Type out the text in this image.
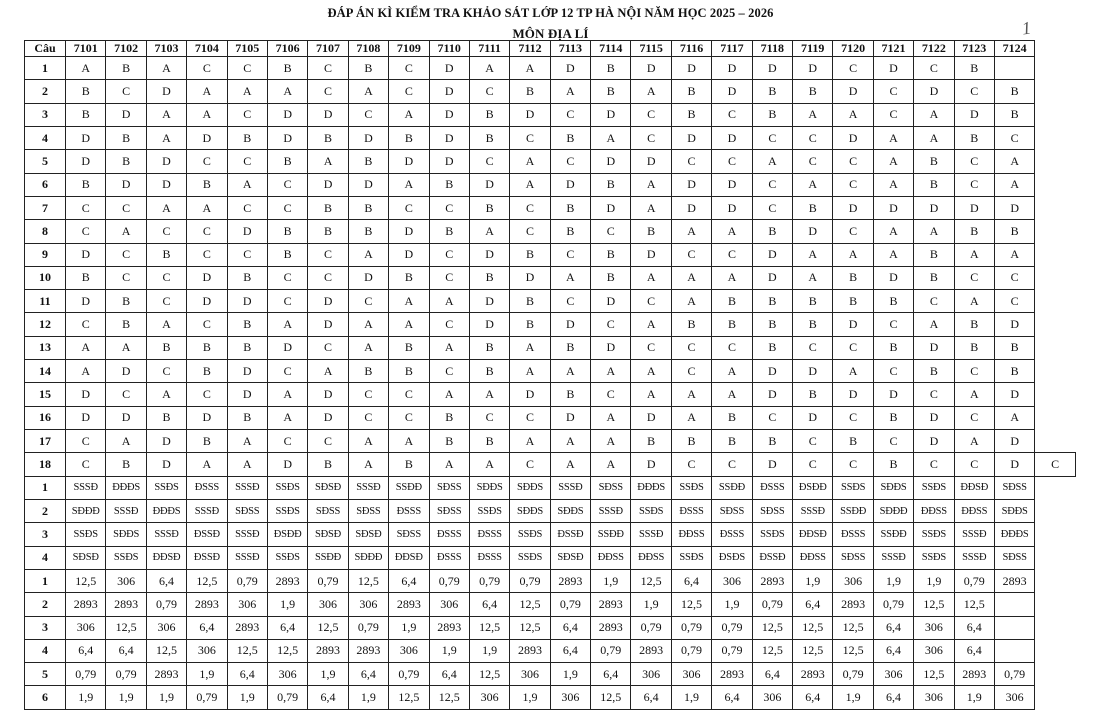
ĐÁP ÁN KÌ KIỂM TRA KHẢO SÁT LỚP 12 TP HÀ NỘI NĂM HỌC 2025 – 2026
MÔN ĐỊA LÍ	1
Câu	7101	7102	7103	7104	7105	7106	7107	7108	7109	7110	7111	7112	7113	7114	7115	7116	7117	7118	7119	7120	7121	7122	7123	7124	
1	A	B	A	C	C	B	C	B	C	D	A	A	D	B	D	D	D	D	D	C	D	C	B		
2	B	C	D	A	A	A	C	A	C	D	C	B	A	B	A	B	D	B	B	D	C	D	C	B	
3	B	D	A	A	C	D	D	C	A	D	B	D	C	D	C	B	C	B	A	A	C	A	D	B	
4	D	B	A	D	B	D	B	D	B	D	B	C	B	A	C	D	D	C	C	D	A	A	B	C	
5	D	B	D	C	C	B	A	B	D	D	C	A	C	D	D	C	C	A	C	C	A	B	C	A	
6	B	D	D	B	A	C	D	D	A	B	D	A	D	B	A	D	D	C	A	C	A	B	C	A	
7	C	C	A	A	C	C	B	B	C	C	B	C	B	D	A	D	D	C	B	D	D	D	D	D	
8	C	A	C	C	D	B	B	B	D	B	A	C	B	C	B	A	A	B	D	C	A	A	B	B	
9	D	C	B	C	C	B	C	A	D	C	D	B	C	B	D	C	C	D	A	A	A	B	A	A	
10	B	C	C	D	B	C	C	D	B	C	B	D	A	B	A	A	A	D	A	B	D	B	C	C	
11	D	B	C	D	D	C	D	C	A	A	D	B	C	D	C	A	B	B	B	B	B	C	A	C	
12	C	B	A	C	B	A	D	A	A	C	D	B	D	C	A	B	B	B	B	D	C	A	B	D	
13	A	A	B	B	B	D	C	A	B	A	B	A	B	D	C	C	C	B	C	C	B	D	B	B	
14	A	D	C	B	D	C	A	B	B	C	B	A	A	A	A	C	A	D	D	A	C	B	C	B	
15	D	C	A	C	D	A	D	C	C	A	A	D	B	C	A	A	A	D	B	D	D	C	A	D	
16	D	D	B	D	B	A	D	C	C	B	C	C	D	A	D	A	B	C	D	C	B	D	C	A	
17	C	A	D	B	A	C	C	A	A	B	B	A	A	A	B	B	B	B	C	B	C	D	A	D	
18	C	B	D	A	A	D	B	A	B	A	A	C	A	A	D	C	C	D	C	C	B	C	C	D	C
1	SSSĐ	ĐĐĐS	SSĐS	ĐSSS	SSSĐ	SSĐS	SĐSĐ	SSSĐ	SSĐĐ	SĐSS	SĐĐS	SĐĐS	SSSĐ	SĐSS	ĐĐĐS	SSĐS	SSĐĐ	ĐSSS	ĐSĐĐ	SSĐS	SĐĐS	SSĐS	ĐĐSĐ	SĐSS	
2	SĐĐĐ	SSSĐ	ĐĐĐS	SSSĐ	SĐSS	SSĐS	SĐSS	SĐSS	ĐSSS	SĐSS	SSĐS	SĐĐS	SĐĐS	SSSĐ	SSĐS	ĐSSS	SĐSS	SĐSS	SSSĐ	SSĐĐ	SĐĐĐ	ĐĐSS	ĐĐSS	SĐĐS	
3	SSĐS	SĐĐS	SSSĐ	ĐSSĐ	SSSĐ	ĐSĐĐ	SĐSĐ	SĐSĐ	SĐSS	ĐSSS	ĐSSS	SSĐS	ĐSSĐ	SSĐĐ	SSSĐ	ĐĐSS	ĐSSS	SSĐS	ĐĐSĐ	ĐSSS	SSĐĐ	SSĐS	SSSĐ	ĐĐĐS	
4	SĐSĐ	SSĐS	ĐĐSĐ	ĐSSĐ	SSSĐ	SSĐS	SSĐĐ	SĐĐĐ	ĐĐSĐ	ĐSSS	ĐSSS	SSĐS	SĐSĐ	ĐĐSS	ĐĐSS	SSĐS	ĐSĐS	ĐSSĐ	ĐĐSS	SĐSS	SSSĐ	SSĐS	SSSĐ	SĐSS	
1	12,5	306	6,4	12,5	0,79	2893	0,79	12,5	6,4	0,79	0,79	0,79	2893	1,9	12,5	6,4	306	2893	1,9	306	1,9	1,9	0,79	2893	
2	2893	2893	0,79	2893	306	1,9	306	306	2893	306	6,4	12,5	0,79	2893	1,9	12,5	1,9	0,79	6,4	2893	0,79	12,5	12,5		
3	306	12,5	306	6,4	2893	6,4	12,5	0,79	1,9	2893	12,5	12,5	6,4	2893	0,79	0,79	0,79	12,5	12,5	12,5	6,4	306	6,4		
4	6,4	6,4	12,5	306	12,5	12,5	2893	2893	306	1,9	1,9	2893	6,4	0,79	2893	0,79	0,79	12,5	12,5	12,5	6,4	306	6,4		
5	0,79	0,79	2893	1,9	6,4	306	1,9	6,4	0,79	6,4	12,5	306	1,9	6,4	306	306	2893	6,4	2893	0,79	306	12,5	2893	0,79	
6	1,9	1,9	1,9	0,79	1,9	0,79	6,4	1,9	12,5	12,5	306	1,9	306	12,5	6,4	1,9	6,4	306	6,4	1,9	6,4	306	1,9	306	
